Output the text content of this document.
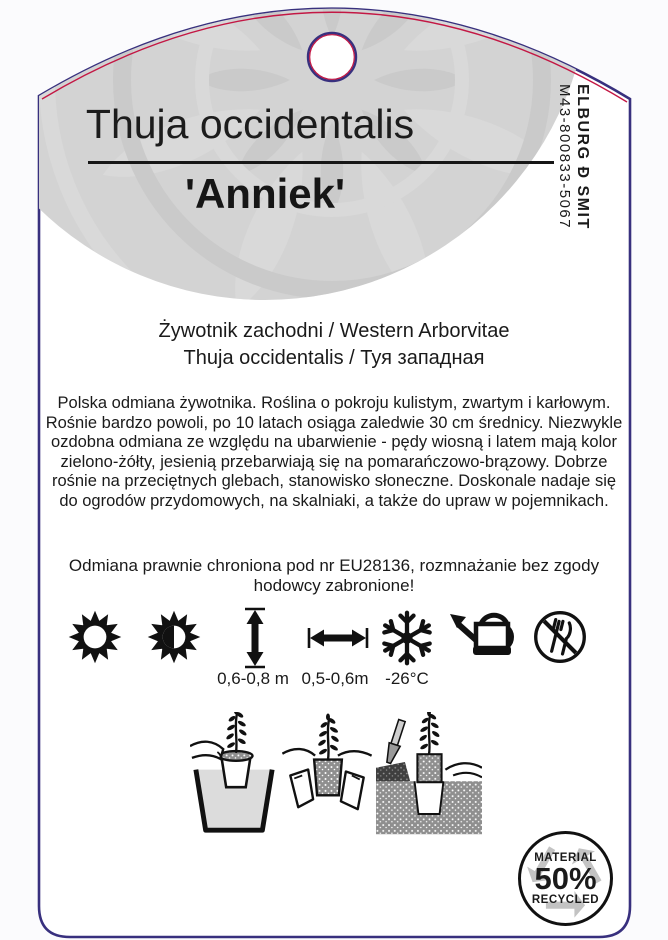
Thuja occidentalis
'Anniek'	ELBURG Ð SMIT
M43-800833-5067
Żywotnik zachodni / Western Arborvitae
Thuja occidentalis / Туя западная
Polska odmiana żywotnika. Roślina o pokroju kulistym, zwartym i karłowym. Rośnie bardzo powoli, po 10 latach osiąga zaledwie 30 cm średnicy. Niezwykle ozdobna odmiana ze względu na ubarwienie - pędy wiosną i latem mają kolor zielono-żółty, jesienią przebarwiają się na pomarańczowo-brązowy. Dobrze rośnie na przeciętnych glebach, stanowisko słoneczne. Doskonale nadaje się do ogrodów przydomowych, na skalniaki, a także do upraw w pojemnikach.
Odmiana prawnie chroniona pod nr EU28136, rozmnażanie bez zgody hodowcy zabronione!
0,6-0,8 m 0,5-0,6m -26°C
MATERIAL
50%
RECYCLED
